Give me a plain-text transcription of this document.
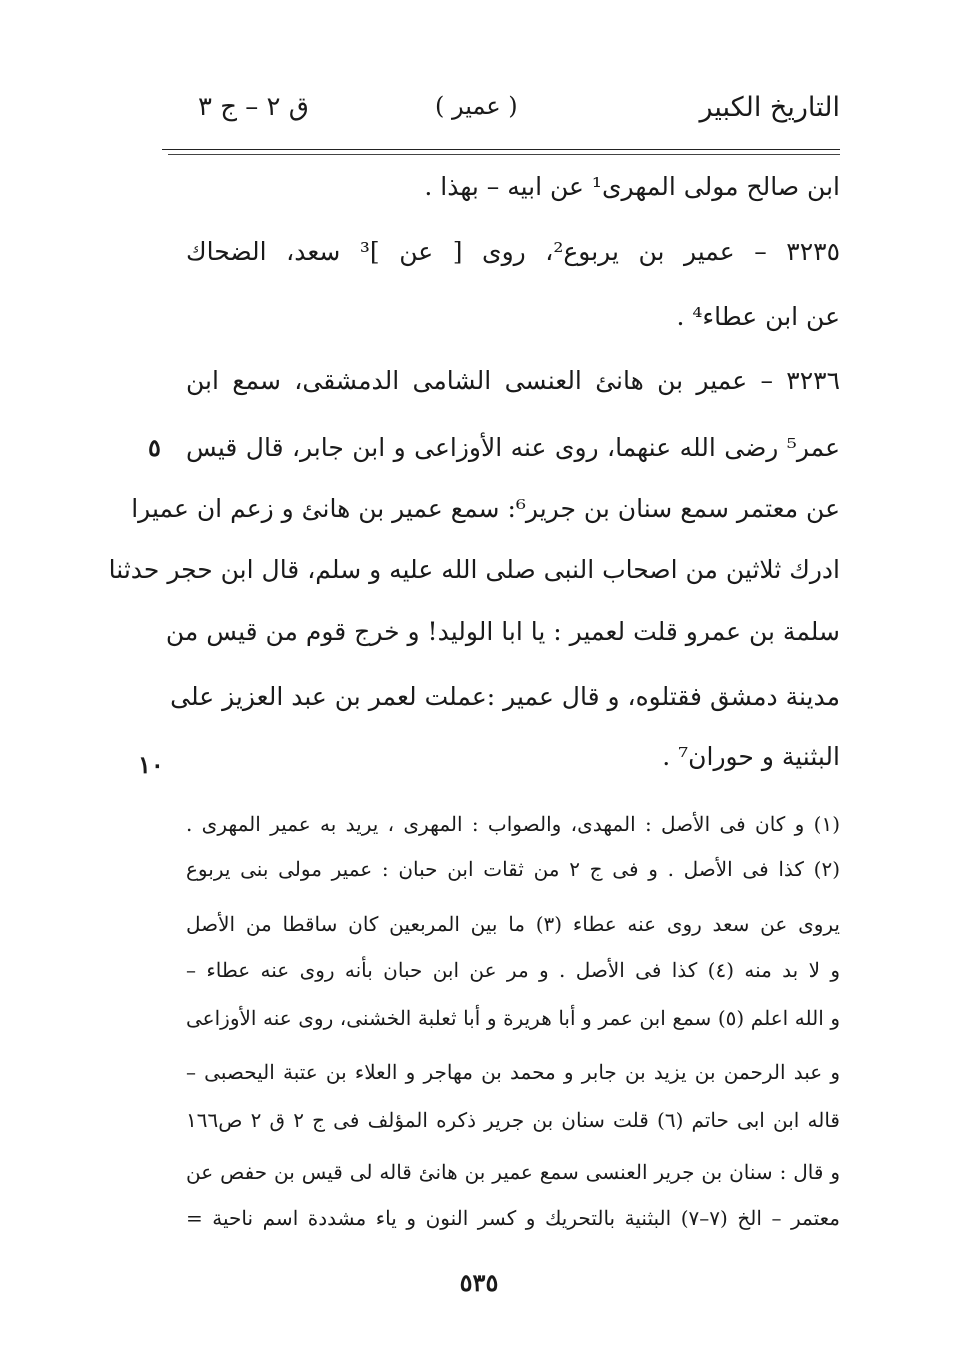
التاريخ الكبير
( عمير )
ق ٢ – ج ٣
ابن صالح مولى المهرى¹ عن ابيه – بهذا .
٣٢٣٥ – عمير بن يربوع²، روى [ عن ]³ سعد، الضحاك
عن ابن عطاء⁴ .
٣٢٣٦ – عمير بن هانئ العنسى الشامى الدمشقى، سمع ابن
عمر⁵ رضى الله عنهما، روى عنه الأوزاعى و ابن جابر، قال قيس
عن معتمر سمع سنان بن جرير⁶: سمع عمير بن هانئ و زعم ان عميرا
ادرك ثلاثين من اصحاب النبى صلى الله عليه و سلم، قال ابن حجر حدثنا
سلمة بن عمرو قلت لعمير : يا ابا الوليد! و خرج قوم من قيس من
مدينة دمشق فقتلوه، و قال عمير :عملت لعمر بن عبد العزيز على
البثنية و حوران⁷ .
٥
١٠
(١) و كان فى الأصل : المهدى، والصواب : المهرى ، يريد به عمير المهرى .
(٢) كذا فى الأصل . و فى ج ٢ من ثقات ابن حبان : عمير مولى بنى يربوع
يروى عن سعد روى عنه عطاء (٣) ما بين المربعين كان ساقطا من الأصل
و لا بد منه (٤) كذا فى الأصل . و مر عن ابن حبان بأنه روى عنه عطاء –
و الله اعلم (٥) سمع ابن عمر و أبا هريرة و أبا ثعلبة الخشنى، روى عنه الأوزاعى
و عبد الرحمن بن يزيد بن جابر و محمد بن مهاجر و العلاء بن عتبة اليحصبى –
قاله ابن ابى حاتم (٦) قلت سنان بن جرير ذكره المؤلف فى ج ٢ ق ٢ ص١٦٦
و قال : سنان بن جرير العنسى سمع عمير بن هانئ قاله لى قيس بن حفص عن
معتمر – الخ (٧–٧) البثنية بالتحريك و كسر النون و ياء مشددة اسم ناحية =
٥٣٥
